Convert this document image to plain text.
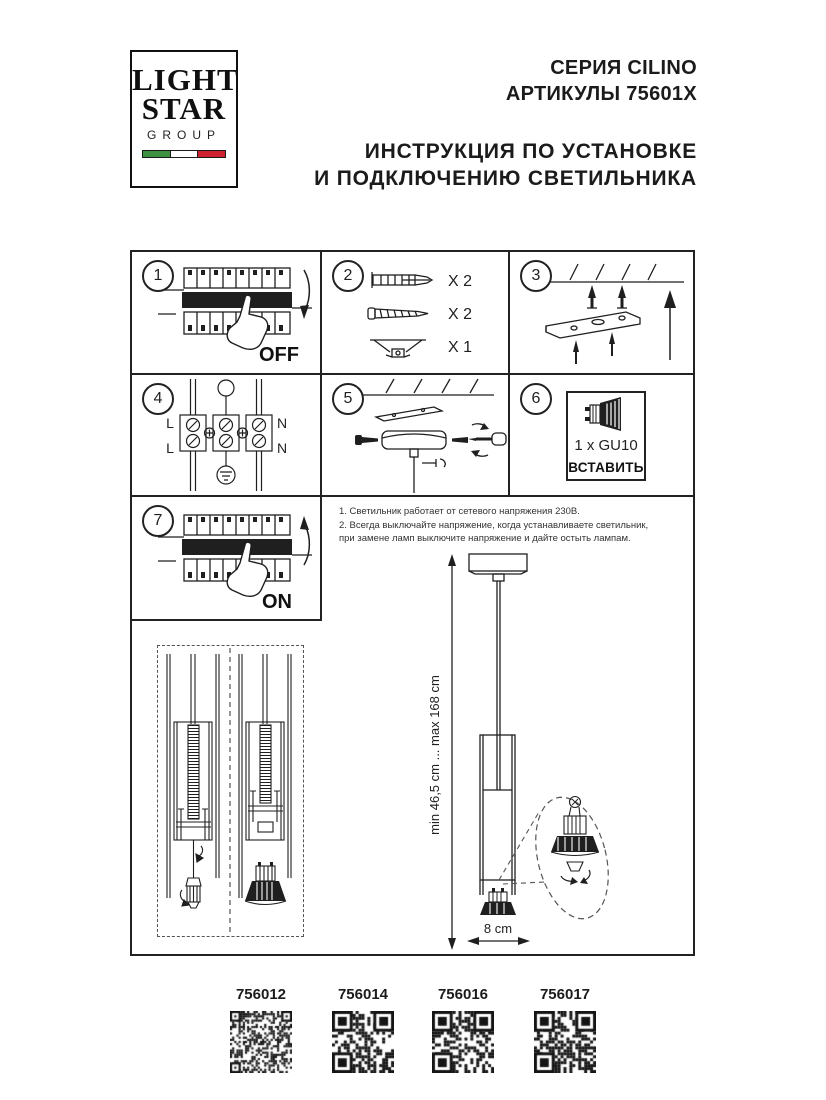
LIGHT
STAR
GROUP
СЕРИЯ CILINO
АРТИКУЛЫ 75601X
ИНСТРУКЦИЯ ПО УСТАНОВКЕ
И ПОДКЛЮЧЕНИЮ СВЕТИЛЬНИКА
1
OFF
2	X 2
X 2
X 1
3
4
L	N
L	N
5	6
1 x GU10
ВСТАВИТЬ
7
ON
1. Светильник работает от сетевого напряжения 230В.
2. Всегда выключайте напряжение, когда устанавливаете светильник,
при замене ламп выключите напряжение и дайте остыть лампам.
min 46,5 cm ... max 168 cm
8 cm
756012	756014	756016	756017
